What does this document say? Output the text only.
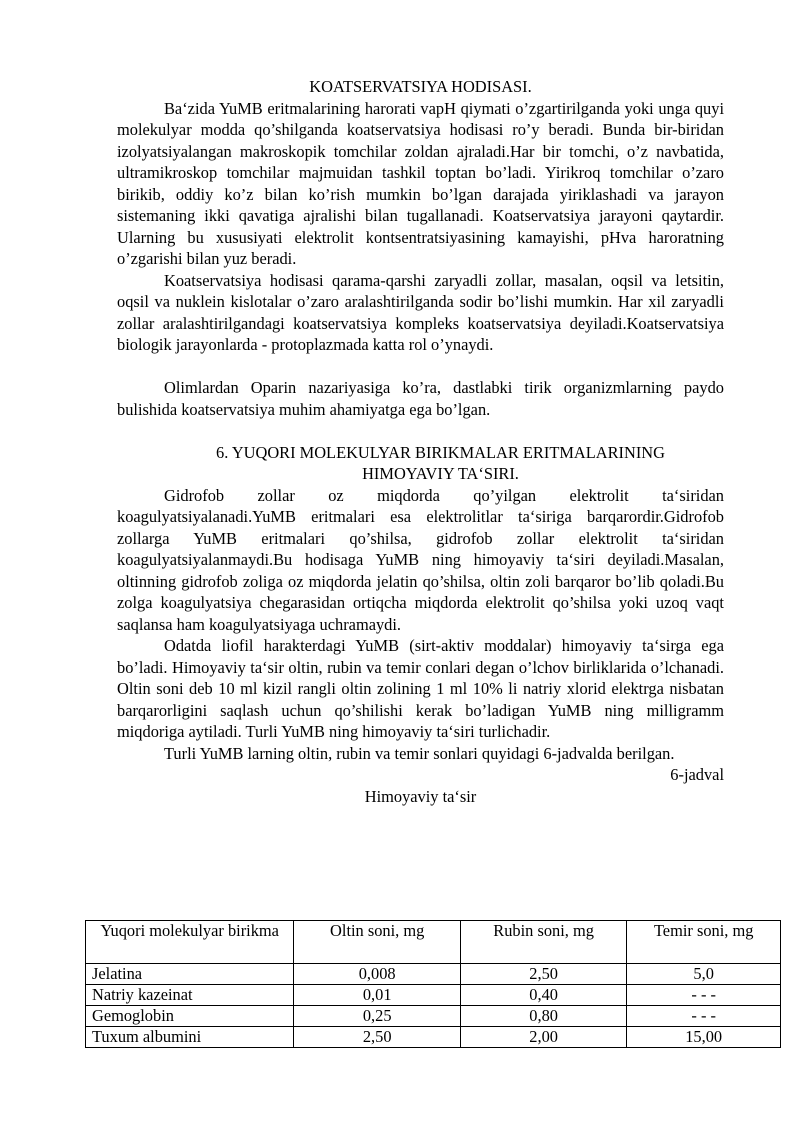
KOATSERVATSIYA HODISASI.

Ba‘zida YuMB eritmalarining harorati vapH qiymati o’zgartirilganda yoki unga quyi molekulyar modda qo’shilganda koatservatsiya hodisasi ro’y beradi. Bunda bir-biridan izolyatsiyalangan makroskopik tomchilar zoldan ajraladi.Har bir tomchi, o’z navbatida, ultramikroskop tomchilar majmuidan tashkil toptan bo’ladi. Yirikroq tomchilar o’zaro birikib, oddiy ko’z bilan ko’rish mumkin bo’lgan darajada yiriklashadi va jarayon sistemaning ikki qavatiga ajralishi bilan tugallanadi. Koatservatsiya jarayoni qaytardir. Ularning bu xususiyati elektrolit kontsentratsiyasining kamayishi, pHva haroratning o’zgarishi bilan yuz beradi.

Koatservatsiya hodisasi qarama-qarshi zaryadli zollar, masalan, oqsil va letsitin, oqsil va nuklein kislotalar o’zaro aralashtirilganda sodir bo’lishi mumkin. Har xil zaryadli zollar aralashtirilgandagi koatservatsiya kompleks koatservatsiya deyiladi.Koatservatsiya biologik jarayonlarda - protoplazmada katta rol o’ynaydi.

Olimlardan Oparin nazariyasiga ko’ra, dastlabki tirik organizmlarning paydo bulishida koatservatsiya muhim ahamiyatga ega bo’lgan.

6. YUQORI MOLEKULYAR BIRIKMALAR ERITMALARINING
HIMOYAVIY TA‘SIRI.

Gidrofob zollar oz miqdorda qo’yilgan elektrolit ta‘siridan koagulyatsiyalanadi.YuMB eritmalari esa elektrolitlar ta‘siriga barqarordir.Gidrofob zollarga YuMB eritmalari qo’shilsa, gidrofob zollar elektrolit ta‘siridan koagulyatsiyalanmaydi.Bu hodisaga YuMB ning himoyaviy ta‘siri deyiladi.Masalan, oltinning gidrofob zoliga oz miqdorda jelatin qo’shilsa, oltin zoli barqaror bo’lib qoladi.Bu zolga koagulyatsiya chegarasidan ortiqcha miqdorda elektrolit qo’shilsa yoki uzoq vaqt saqlansa ham koagulyatsiyaga uchramaydi.

Odatda liofil harakterdagi YuMB (sirt-aktiv moddalar) himoyaviy ta‘sirga ega bo’ladi. Himoyaviy ta‘sir oltin, rubin va temir conlari degan o’lchov birliklarida o’lchanadi. Oltin soni deb 10 ml kizil rangli oltin zolining 1 ml 10% li natriy xlorid elektrga nisbatan barqarorligini saqlash uchun qo’shilishi kerak bo’ladigan YuMB ning milligramm miqdoriga aytiladi. Turli YuMB ning himoyaviy ta‘siri turlichadir.

Turli YuMB larning oltin, rubin va temir sonlari quyidagi 6-jadvalda berilgan.

6-jadval
Himoyaviy ta‘sir
Yuqori molekulyar birikma	Oltin soni, mg	Rubin soni, mg	Temir soni, mg
Jelatina	0,008	2,50	5,0
Natriy kazeinat	0,01	0,40	- - -
Gemoglobin	0,25	0,80	- - -
Tuxum albumini	2,50	2,00	15,00
